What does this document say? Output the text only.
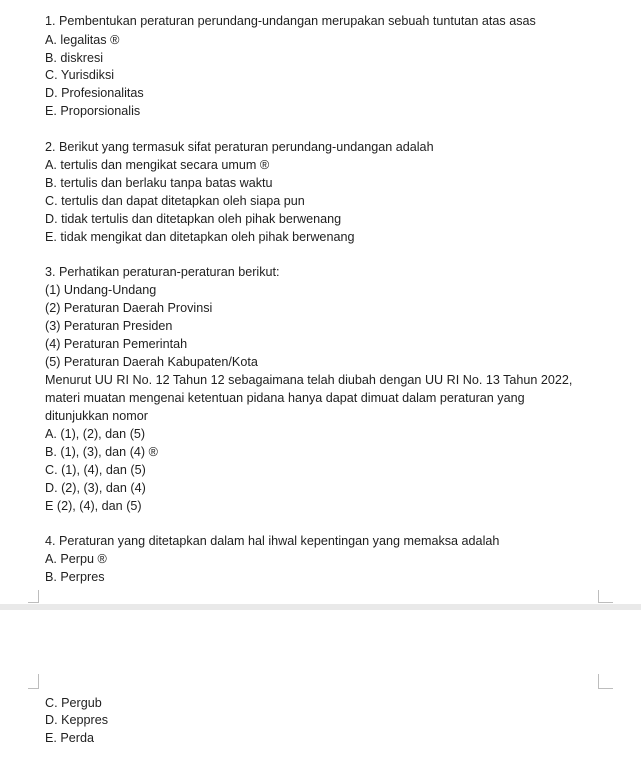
1. Pembentukan peraturan perundang-undangan merupakan sebuah tuntutan atas asas
A. legalitas ®
B. diskresi
C. Yurisdiksi
D. Profesionalitas
E. Proporsionalis
2. Berikut yang termasuk sifat peraturan perundang-undangan adalah
A. tertulis dan mengikat secara umum ®
B. tertulis dan berlaku tanpa batas waktu
C. tertulis dan dapat ditetapkan oleh siapa pun
D. tidak tertulis dan ditetapkan oleh pihak berwenang
E. tidak mengikat dan ditetapkan oleh pihak berwenang
3. Perhatikan peraturan-peraturan berikut:
(1) Undang-Undang
(2) Peraturan Daerah Provinsi
(3) Peraturan Presiden
(4) Peraturan Pemerintah
(5) Peraturan Daerah Kabupaten/Kota
Menurut UU RI No. 12 Tahun 12 sebagaimana telah diubah dengan UU RI No. 13 Tahun 2022,
materi muatan mengenai ketentuan pidana hanya dapat dimuat dalam peraturan yang
ditunjukkan nomor
A. (1), (2), dan (5)
B. (1), (3), dan (4) ®
C. (1), (4), dan (5)
D. (2), (3), dan (4)
E (2), (4), dan (5)
4. Peraturan yang ditetapkan dalam hal ihwal kepentingan yang memaksa adalah
A. Perpu ®
B. Perpres
C. Pergub
D. Keppres
E. Perda
